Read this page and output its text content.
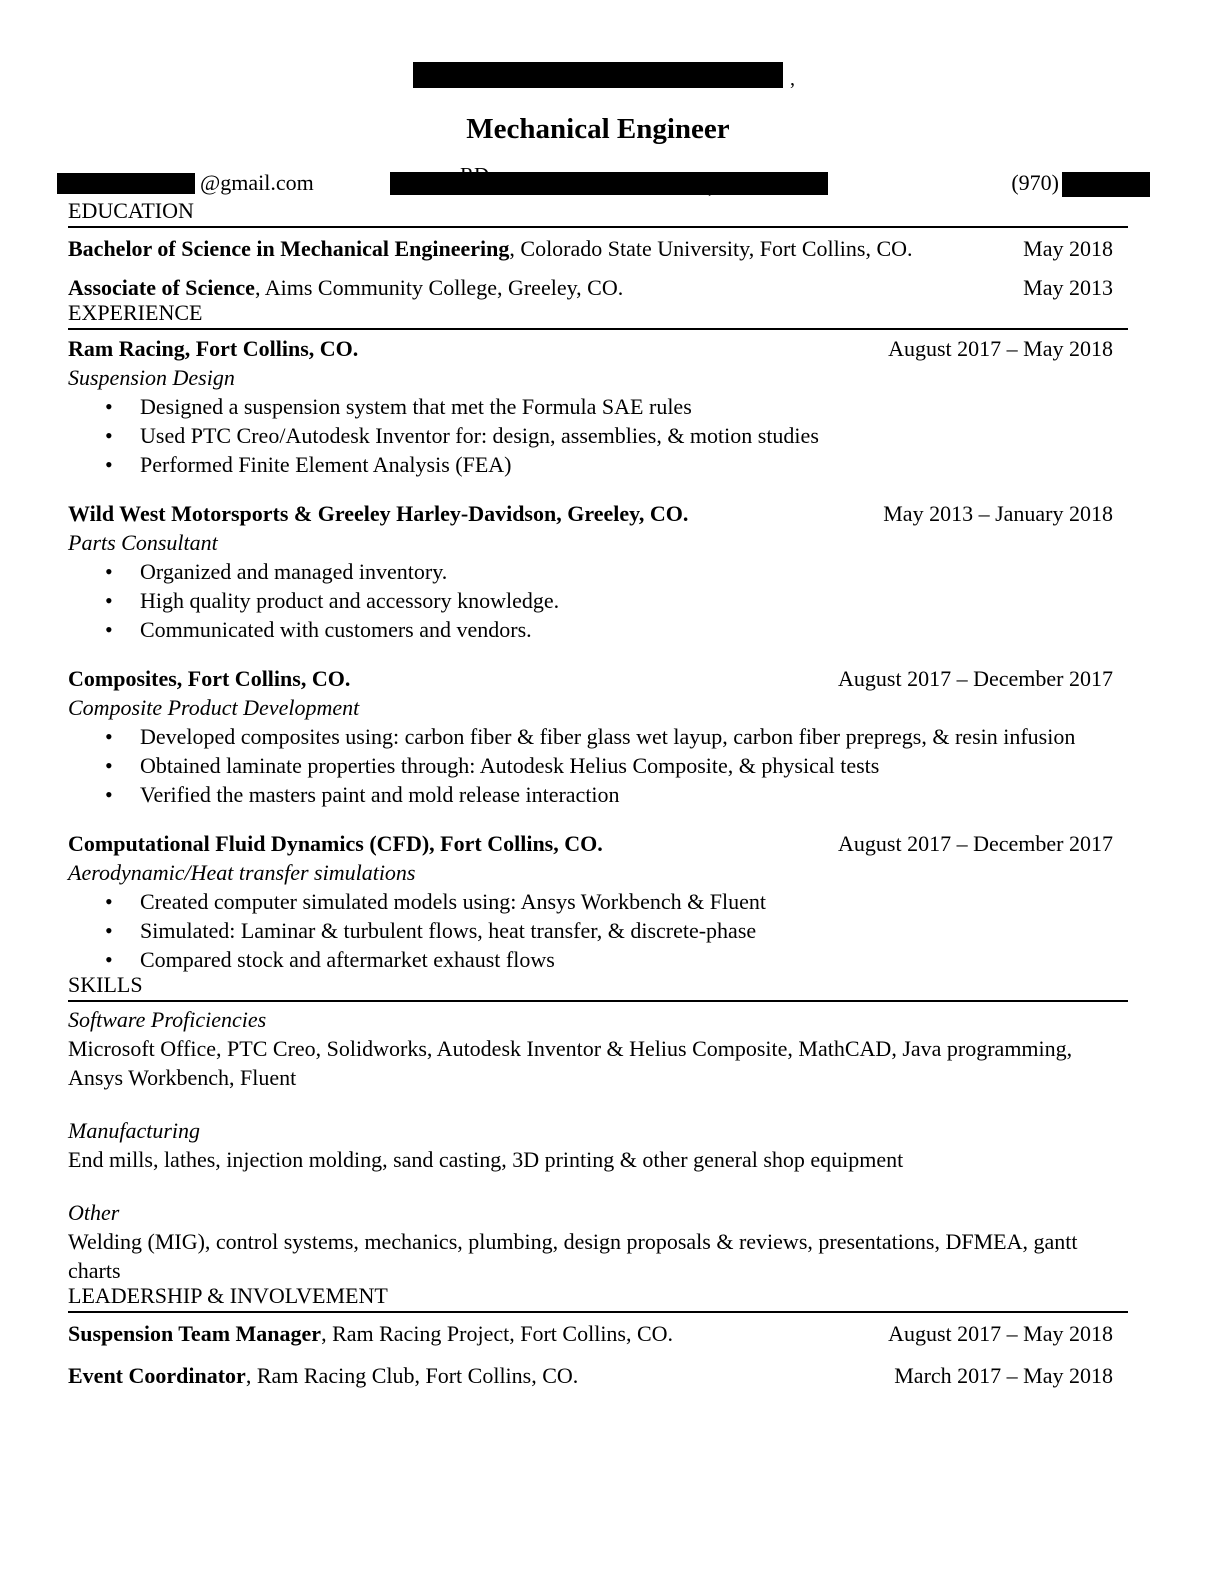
,
Mechanical Engineer
@gmail.com	,	(970)
EDUCATION
Bachelor of Science in Mechanical Engineering, Colorado State University, Fort Collins, CO.	May 2018
Associate of Science, Aims Community College, Greeley, CO.	May 2013
EXPERIENCE
Ram Racing, Fort Collins, CO.	August 2017 – May 2018
Suspension Design
• Designed a suspension system that met the Formula SAE rules
• Used PTC Creo/Autodesk Inventor for: design, assemblies, & motion studies
• Performed Finite Element Analysis (FEA)
Wild West Motorsports & Greeley Harley-Davidson, Greeley, CO.	May 2013 – January 2018
Parts Consultant
• Organized and managed inventory.
• High quality product and accessory knowledge.
• Communicated with customers and vendors.
Composites, Fort Collins, CO.	August 2017 – December 2017
Composite Product Development
• Developed composites using: carbon fiber & fiber glass wet layup, carbon fiber prepregs, & resin infusion
• Obtained laminate properties through: Autodesk Helius Composite, & physical tests
• Verified the masters paint and mold release interaction
Computational Fluid Dynamics (CFD), Fort Collins, CO.	August 2017 – December 2017
Aerodynamic/Heat transfer simulations
• Created computer simulated models using: Ansys Workbench & Fluent
• Simulated: Laminar & turbulent flows, heat transfer, & discrete-phase
• Compared stock and aftermarket exhaust flows
SKILLS
Software Proficiencies
Microsoft Office, PTC Creo, Solidworks, Autodesk Inventor & Helius Composite, MathCAD, Java programming, Ansys Workbench, Fluent
Manufacturing
End mills, lathes, injection molding, sand casting, 3D printing & other general shop equipment
Other
Welding (MIG), control systems, mechanics, plumbing, design proposals & reviews, presentations, DFMEA, gantt charts
LEADERSHIP & INVOLVEMENT
Suspension Team Manager, Ram Racing Project, Fort Collins, CO.	August 2017 – May 2018
Event Coordinator, Ram Racing Club, Fort Collins, CO.	March 2017 – May 2018
